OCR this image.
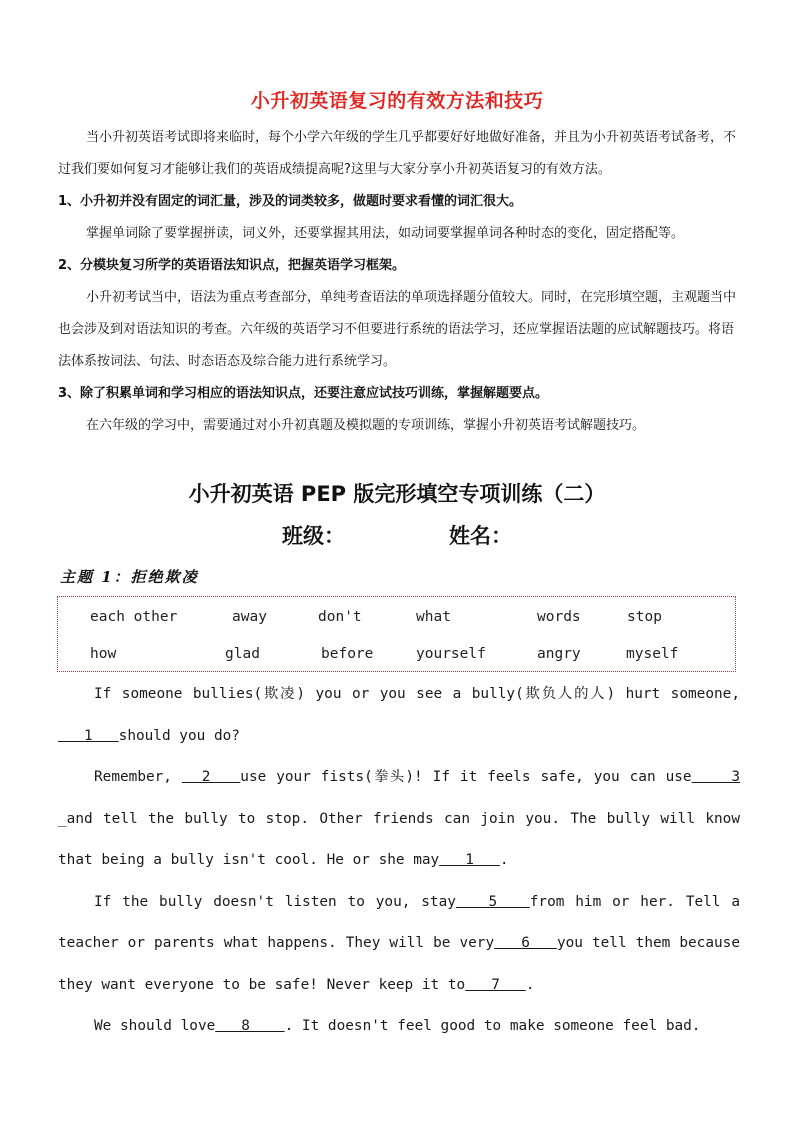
小升初英语复习的有效方法和技巧

当小升初英语考试即将来临时，每个小学六年级的学生几乎都要好好地做好准备，并且为小升初英语考试备考，不过我们要如何复习才能够让我们的英语成绩提高呢?这里与大家分享小升初英语复习的有效方法。

1、小升初并没有固定的词汇量，涉及的词类较多，做题时要求看懂的词汇很大。

掌握单词除了要掌握拼读，词义外，还要掌握其用法，如动词要掌握单词各种时态的变化，固定搭配等。

2、分模块复习所学的英语语法知识点，把握英语学习框架。

小升初考试当中，语法为重点考查部分，单纯考查语法的单项选择题分值较大。同时，在完形填空题，主观题当中也会涉及到对语法知识的考查。六年级的英语学习不但要进行系统的语法学习，还应掌握语法题的应试解题技巧。将语法体系按词法、句法、时态语态及综合能力进行系统学习。

3、除了积累单词和学习相应的语法知识点，还要注意应试技巧训练，掌握解题要点。

在六年级的学习中，需要通过对小升初真题及模拟题的专项训练，掌握小升初英语考试解题技巧。

小升初英语 PEP 版完形填空专项训练（二）
班级：	姓名：
主题 1：拒绝欺凌
each other	away	don't	what	words	stop
how	glad	before	yourself	angry	myself

If someone bullies(欺凌) you or you see a bully(欺负人的人) hurt someone,    1   should you do?

Remember,   2   use your fists(拳头)! If it feels safe, you can use    3 _and tell the bully to stop. Other friends can join you. The bully will know that being a bully isn't cool. He or she may   1   .

If the bully doesn't listen to you, stay   5   from him or her. Tell a teacher or parents what happens. They will be very   6   you tell them because they want everyone to be safe! Never keep it to   7   .

We should love   8    . It doesn't feel good to make someone feel bad.
